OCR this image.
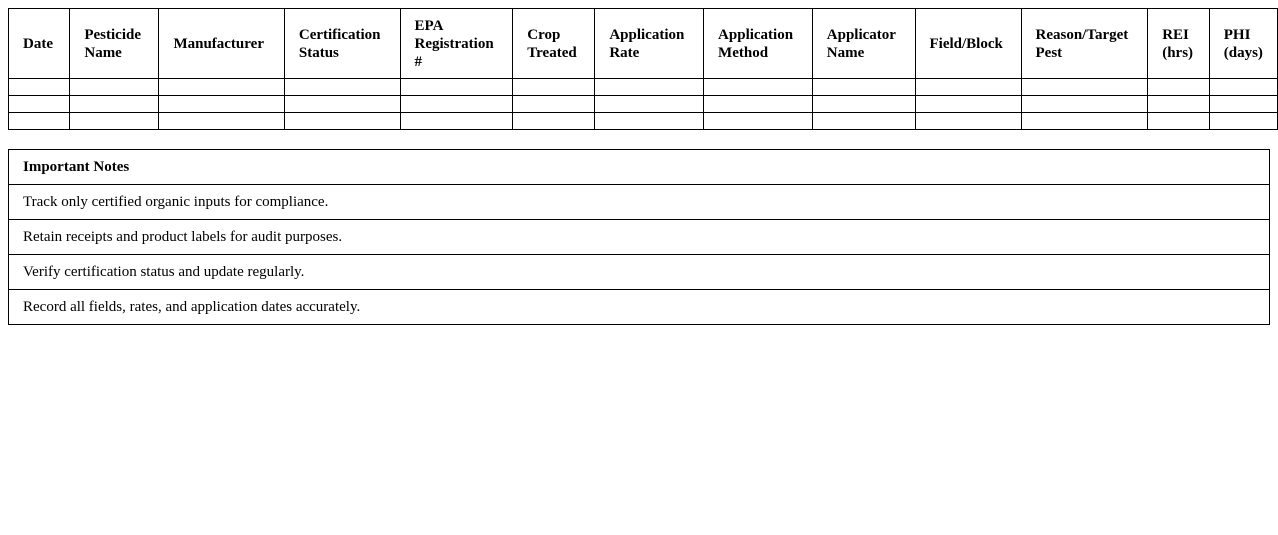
Date	Pesticide Name	Manufacturer	Certification Status	EPA Registration #	Crop Treated	Application Rate	Application Method	Applicator Name	Field/Block	Reason/Target Pest	REI (hrs)	PHI (days)

Important Notes
Track only certified organic inputs for compliance.
Retain receipts and product labels for audit purposes.
Verify certification status and update regularly.
Record all fields, rates, and application dates accurately.
